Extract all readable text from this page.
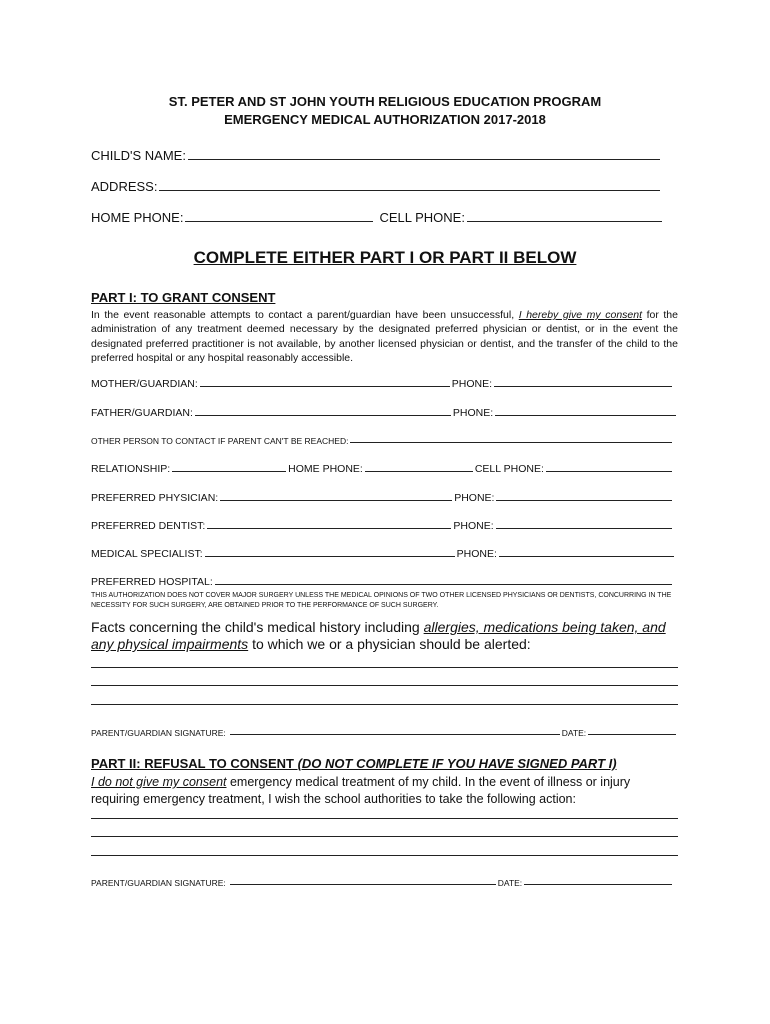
ST. PETER AND ST JOHN YOUTH RELIGIOUS EDUCATION PROGRAM
EMERGENCY MEDICAL AUTHORIZATION 2017-2018
CHILD'S NAME:
ADDRESS:
HOME PHONE:	CELL PHONE:
COMPLETE EITHER PART I OR PART II BELOW
PART I: TO GRANT CONSENT
In the event reasonable attempts to contact a parent/guardian have been unsuccessful, I hereby give my consent for the administration of any treatment deemed necessary by the designated preferred physician or dentist, or in the event the designated preferred practitioner is not available, by another licensed physician or dentist, and the transfer of the child to the preferred hospital or any hospital reasonably accessible.
MOTHER/GUARDIAN:	PHONE:
FATHER/GUARDIAN:	PHONE:
OTHER PERSON TO CONTACT IF PARENT CAN'T BE REACHED:
RELATIONSHIP:	HOME PHONE:	CELL PHONE:
PREFERRED PHYSICIAN:	PHONE:
PREFERRED DENTIST:	PHONE:
MEDICAL SPECIALIST:	PHONE:
PREFERRED HOSPITAL:
THIS AUTHORIZATION DOES NOT COVER MAJOR SURGERY UNLESS THE MEDICAL OPINIONS OF TWO OTHER LICENSED PHYSICIANS OR DENTISTS, CONCURRING IN THE NECESSITY FOR SUCH SURGERY, ARE OBTAINED PRIOR TO THE PERFORMANCE OF SUCH SURGERY.
Facts concerning the child's medical history including allergies, medications being taken, and any physical impairments to which we or a physician should be alerted:
PARENT/GUARDIAN SIGNATURE:	DATE:
PART II: REFUSAL TO CONSENT (DO NOT COMPLETE IF YOU HAVE SIGNED PART I)
I do not give my consent emergency medical treatment of my child. In the event of illness or injury requiring emergency treatment, I wish the school authorities to take the following action:
PARENT/GUARDIAN SIGNATURE:	DATE:
